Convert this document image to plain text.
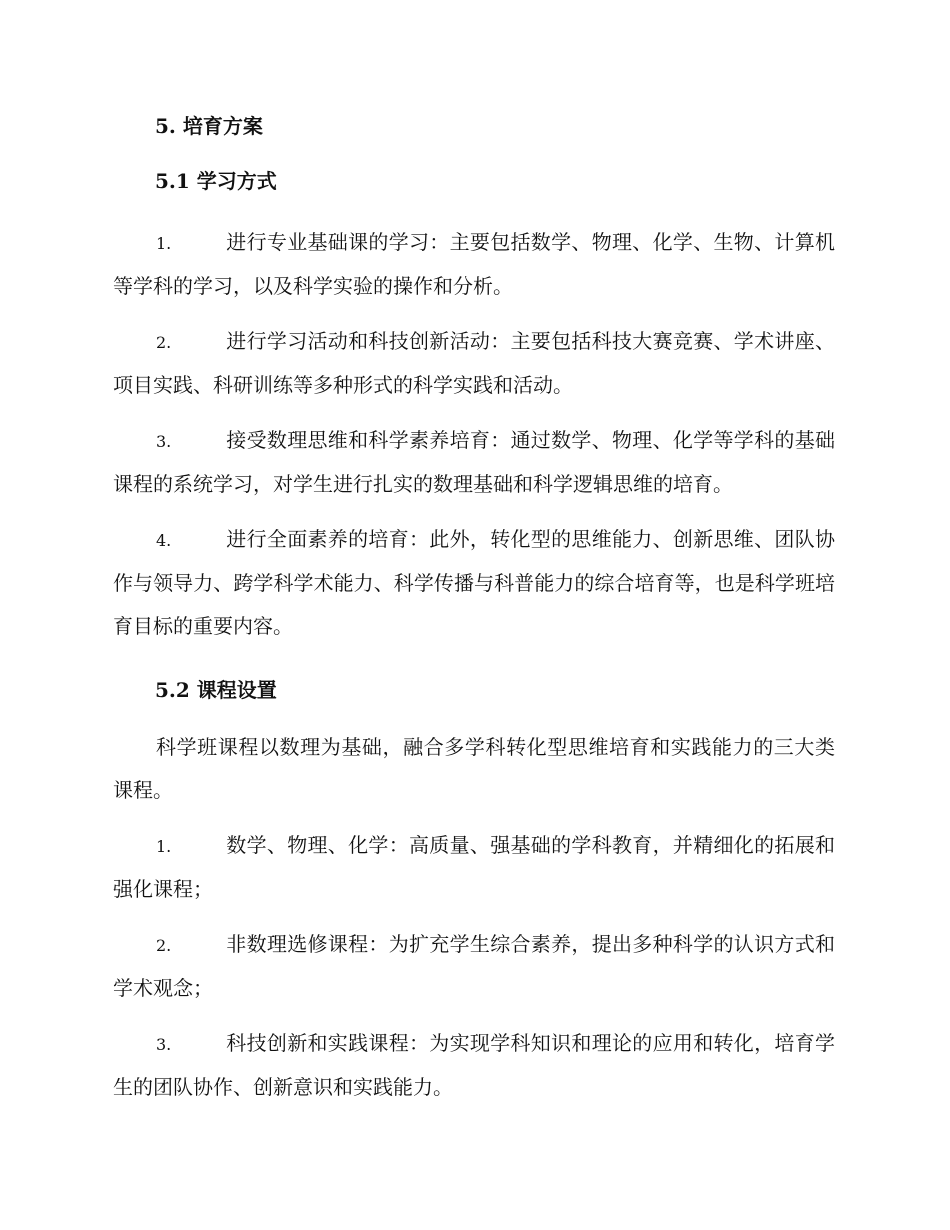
5. 培育方案
5.1 学习方式

1.	进行专业基础课的学习：主要包括数学、物理、化学、生物、计算机等学科的学习，以及科学实验的操作和分析。

2.	进行学习活动和科技创新活动：主要包括科技大赛竞赛、学术讲座、项目实践、科研训练等多种形式的科学实践和活动。

3.	接受数理思维和科学素养培育：通过数学、物理、化学等学科的基础课程的系统学习，对学生进行扎实的数理基础和科学逻辑思维的培育。

4.	进行全面素养的培育：此外，转化型的思维能力、创新思维、团队协作与领导力、跨学科学术能力、科学传播与科普能力的综合培育等，也是科学班培育目标的重要内容。

5.2 课程设置

科学班课程以数理为基础，融合多学科转化型思维培育和实践能力的三大类课程。

1.	数学、物理、化学：高质量、强基础的学科教育，并精细化的拓展和强化课程；

2.	非数理选修课程：为扩充学生综合素养，提出多种科学的认识方式和学术观念；

3.	科技创新和实践课程：为实现学科知识和理论的应用和转化，培育学生的团队协作、创新意识和实践能力。
